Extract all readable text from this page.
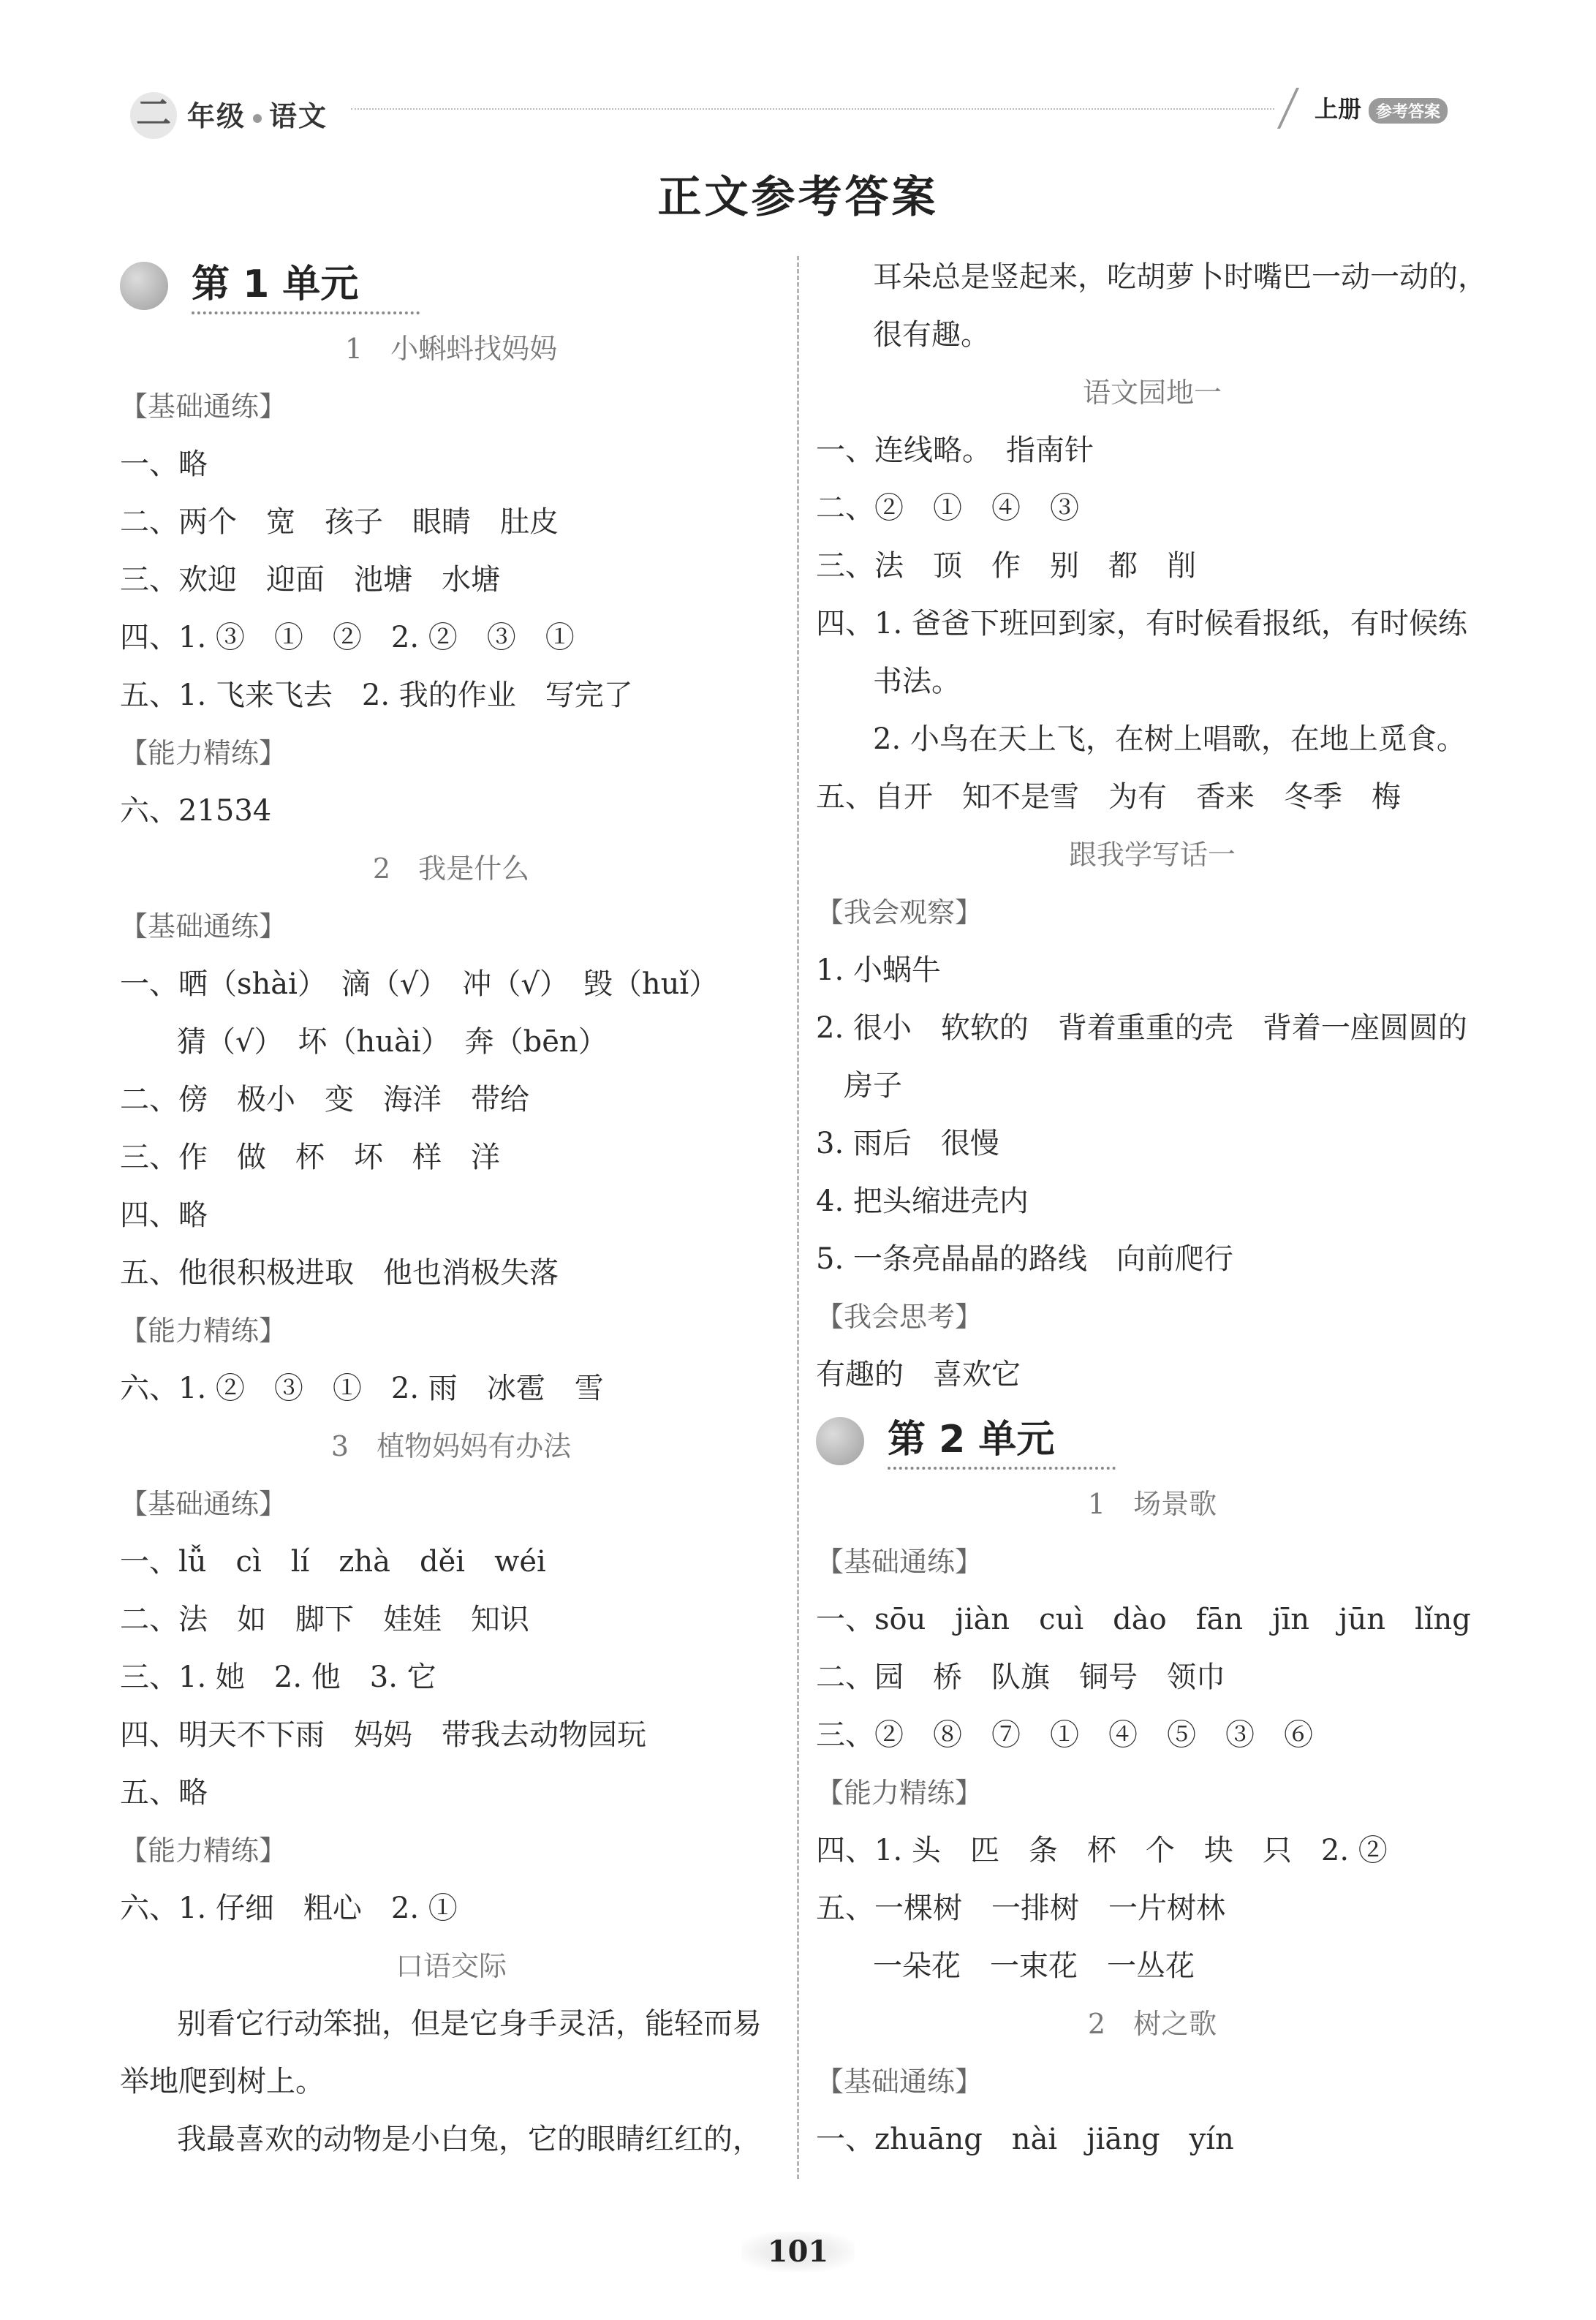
二 年级 语文	上册 参考答案
正文参考答案
第 1 单元
1　小蝌蚪找妈妈
【基础通练】
一、略
二、两个　宽　孩子　眼睛　肚皮
三、欢迎　迎面　池塘　水塘
四、1. ③　①　②　2. ②　③　①
五、1. 飞来飞去　2. 我的作业　写完了
【能力精练】
六、21534
2　我是什么
【基础通练】
一、晒（shài）　滴（√）　冲（√）　毁（huǐ）
猜（√）　坏（huài）　奔（bēn）
二、傍　极小　变　海洋　带给
三、作　做　杯　坏　样　洋
四、略
五、他很积极进取　他也消极失落
【能力精练】
六、1. ②　③　①　2. 雨　冰雹　雪
3　植物妈妈有办法
【基础通练】
一、lǚ　cì　lí　zhà　děi　wéi
二、法　如　脚下　娃娃　知识
三、1. 她　2. 他　3. 它
四、明天不下雨　妈妈　带我去动物园玩
五、略
【能力精练】
六、1. 仔细　粗心　2. ①
口语交际
别看它行动笨拙，但是它身手灵活，能轻而易举地爬到树上。
我最喜欢的动物是小白兔，它的眼睛红红的，
耳朵总是竖起来，吃胡萝卜时嘴巴一动一动的，
很有趣。
语文园地一
一、连线略。　指南针
二、②　①　④　③
三、法　顶　作　别　都　削
四、1. 爸爸下班回到家，有时候看报纸，有时候练
书法。
2. 小鸟在天上飞，在树上唱歌，在地上觅食。
五、自开　知不是雪　为有　香来　冬季　梅
跟我学写话一
【我会观察】
1. 小蜗牛
2. 很小　软软的　背着重重的壳　背着一座圆圆的
房子
3. 雨后　很慢
4. 把头缩进壳内
5. 一条亮晶晶的路线　向前爬行
【我会思考】
有趣的　喜欢它
第 2 单元
1　场景歌
【基础通练】
一、sōu　jiàn　cuì　dào　fān　jīn　jūn　lǐng
二、园　桥　队旗　铜号　领巾
三、②　⑧　⑦　①　④　⑤　③　⑥
【能力精练】
四、1. 头　匹　条　杯　个　块　只　2. ②
五、一棵树　一排树　一片树林
一朵花　一束花　一丛花
2　树之歌
【基础通练】
一、zhuāng　nài　jiāng　yín
101
